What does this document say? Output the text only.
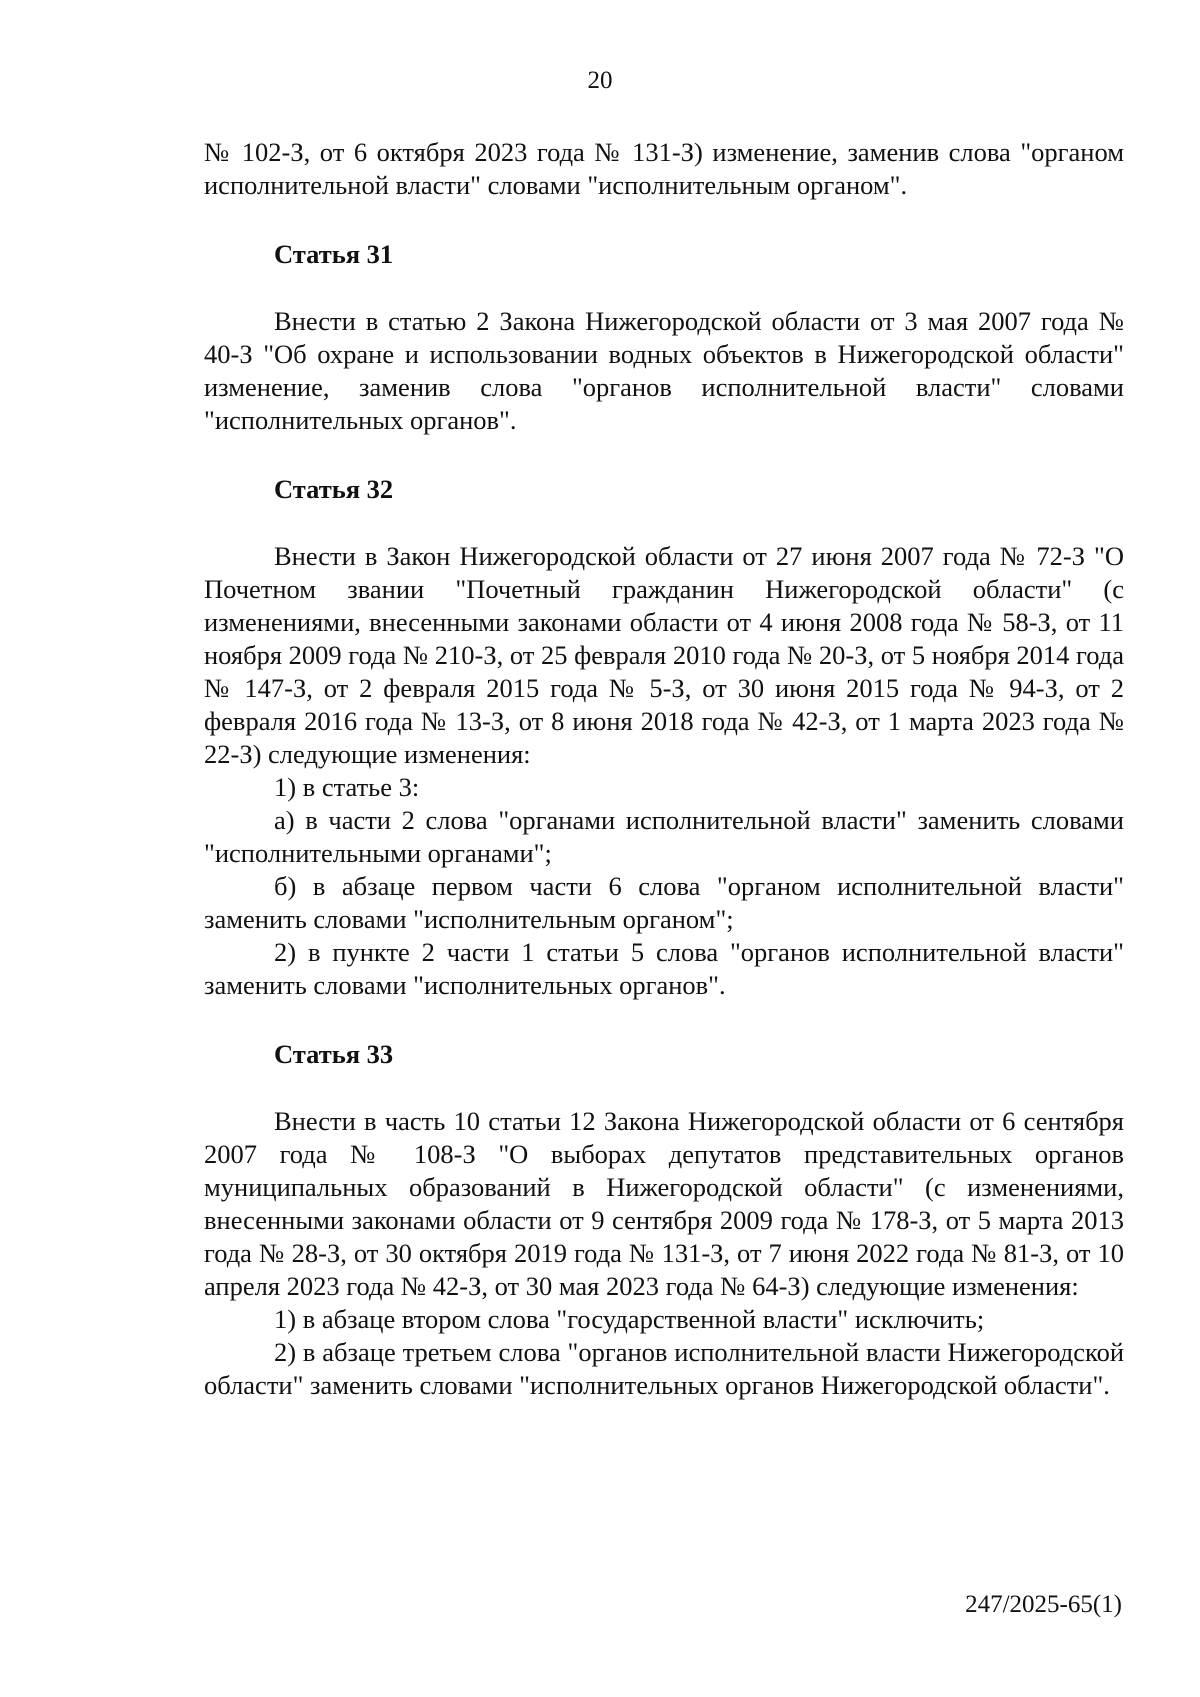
20

№ 102-З, от 6 октября 2023 года № 131-З) изменение, заменив слова "органом исполнительной власти" словами "исполнительным органом".

Статья 31

Внести в статью 2 Закона Нижегородской области от 3 мая 2007 года № 40-З "Об охране и использовании водных объектов в Нижегородской области" изменение, заменив слова "органов исполнительной власти" словами "исполнительных органов".

Статья 32

Внести в Закон Нижегородской области от 27 июня 2007 года № 72-З "О Почетном звании "Почетный гражданин Нижегородской области" (с изменениями, внесенными законами области от 4 июня 2008 года № 58-З, от 11 ноября 2009 года № 210-З, от 25 февраля 2010 года № 20-З, от 5 ноября 2014 года № 147-З, от 2 февраля 2015 года № 5-З, от 30 июня 2015 года № 94-З, от 2 февраля 2016 года № 13-З, от 8 июня 2018 года № 42-З, от 1 марта 2023 года № 22-З) следующие изменения:

1) в статье 3:

а) в части 2 слова "органами исполнительной власти" заменить словами "исполнительными органами";

б) в абзаце первом части 6 слова "органом исполнительной власти" заменить словами "исполнительным органом";

2) в пункте 2 части 1 статьи 5 слова "органов исполнительной власти" заменить словами "исполнительных органов".

Статья 33

Внести в часть 10 статьи 12 Закона Нижегородской области от 6 сентября 2007 года № 108-З "О выборах депутатов представительных органов муниципальных образований в Нижегородской области" (с изменениями, внесенными законами области от 9 сентября 2009 года № 178-З, от 5 марта 2013 года № 28-З, от 30 октября 2019 года № 131-З, от 7 июня 2022 года № 81-З, от 10 апреля 2023 года № 42-З, от 30 мая 2023 года № 64-З) следующие изменения:

1) в абзаце втором слова "государственной власти" исключить;

2) в абзаце третьем слова "органов исполнительной власти Нижегородской области" заменить словами "исполнительных органов Нижегородской области".

247/2025-65(1)
